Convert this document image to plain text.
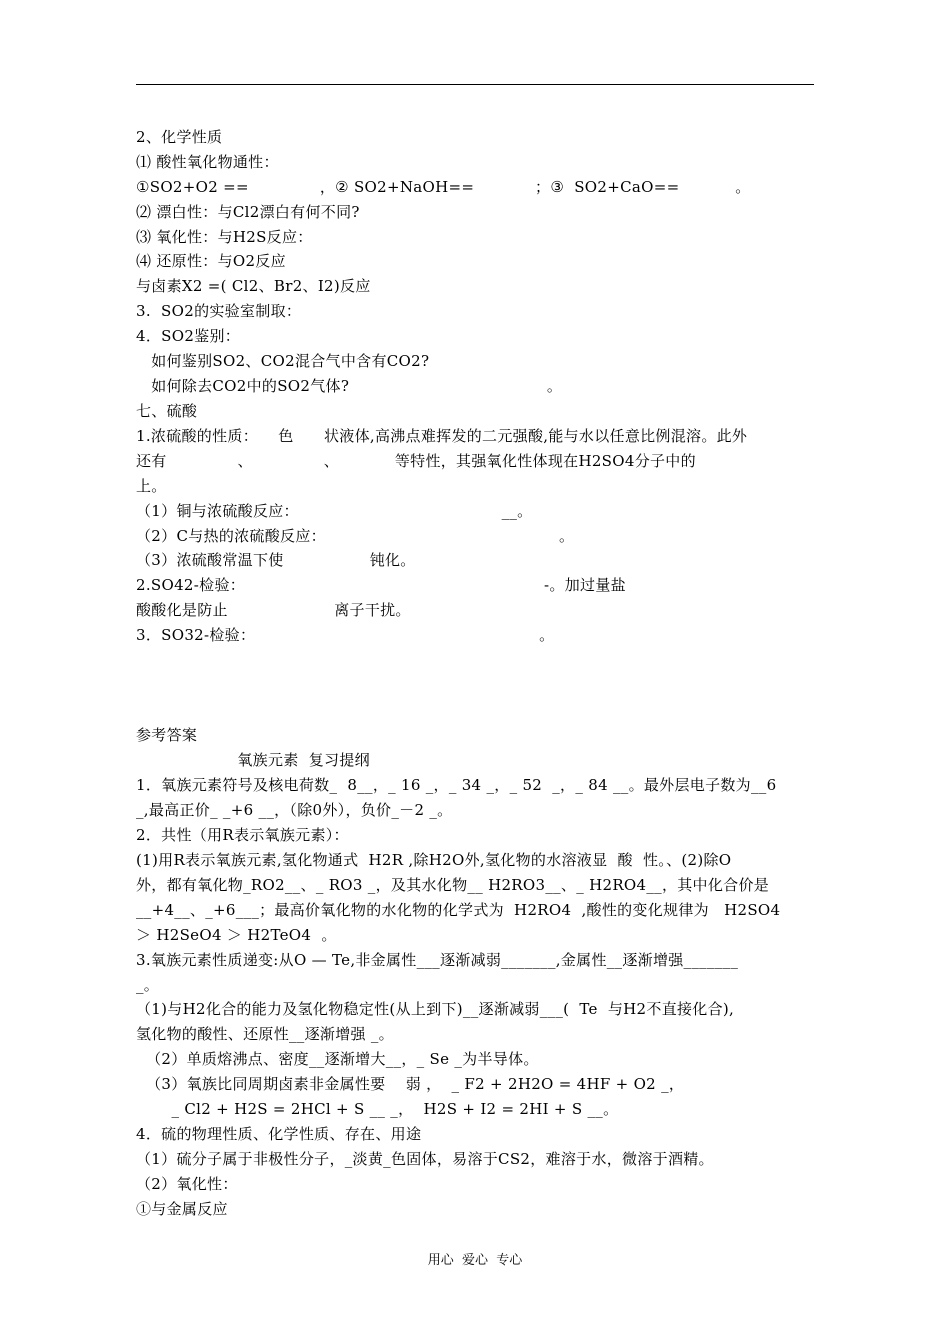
2、化学性质
⑴ 酸性氧化物通性：
①SO2+O2 ==              ，② SO2+NaOH==            ；③  SO2+CaO==           。
⑵ 漂白性：与Cl2漂白有何不同?
⑶ 氧化性：与H2S反应：
⑷ 还原性：与O2反应
与卤素X2 =( Cl2、Br2、I2)反应
3.  SO2的实验室制取：
4．SO2鉴别：
如何鉴别SO2、CO2混合气中含有CO2?
如何除去CO2中的SO2气体?                                       。
七、硫酸
1.浓硫酸的性质：    色      状液体,高沸点难挥发的二元强酸,能与水以任意比例混溶。此外
还有              、              、           等特性，其强氧化性体现在H2SO4分子中的
上。
（1）铜与浓硫酸反应：                                        __。
（2）C与热的浓硫酸反应：                                              。
（3）浓硫酸常温下使                 钝化。
2.SO42-检验：                                                           -。加过量盐
酸酸化是防止                     离子干扰。
3．SO32-检验：                                                        。
参考答案
氧族元素  复习提纲
1．氧族元素符号及核电荷数_  8__，_ 16 _，_ 34 _，_ 52  _，_ 84 __。最外层电子数为__6
_,最高正价_ _+6 __，（除0外），负价_－2 _。
2．共性（用R表示氧族元素）：
(1)用R表示氧族元素,氢化物通式  H2R ,除H2O外,氢化物的水溶液显  酸  性。、(2)除O
外，都有氧化物_RO2__、_ RO3 _，及其水化物__ H2RO3__、_ H2RO4__，其中化合价是
__+4__、_+6___；最高价氧化物的水化物的化学式为  H2RO4  ,酸性的变化规律为   H2SO4
＞ H2SeO4 ＞ H2TeO4  。
3.氧族元素性质递变:从O — Te,非金属性___逐渐减弱_______,金属性__逐渐增强_______
_。
（1)与H2化合的能力及氢化物稳定性(从上到下)__逐渐减弱___(  Te  与H2不直接化合),
氢化物的酸性、还原性__逐渐增强 _。
（2）单质熔沸点、密度__逐渐增大__，_ Se _为半导体。
（3）氧族比同周期卤素非金属性要    弱 ，  _ F2 + 2H2O = 4HF + O2 _，
_ Cl2 + H2S = 2HCl + S __ _，  H2S + I2 = 2HI + S __。
4．硫的物理性质、化学性质、存在、用途
（1）硫分子属于非极性分子，_淡黄_色固体，易溶于CS2，难溶于水，微溶于酒精。
（2）氧化性：
①与金属反应
用心  爱心  专心
